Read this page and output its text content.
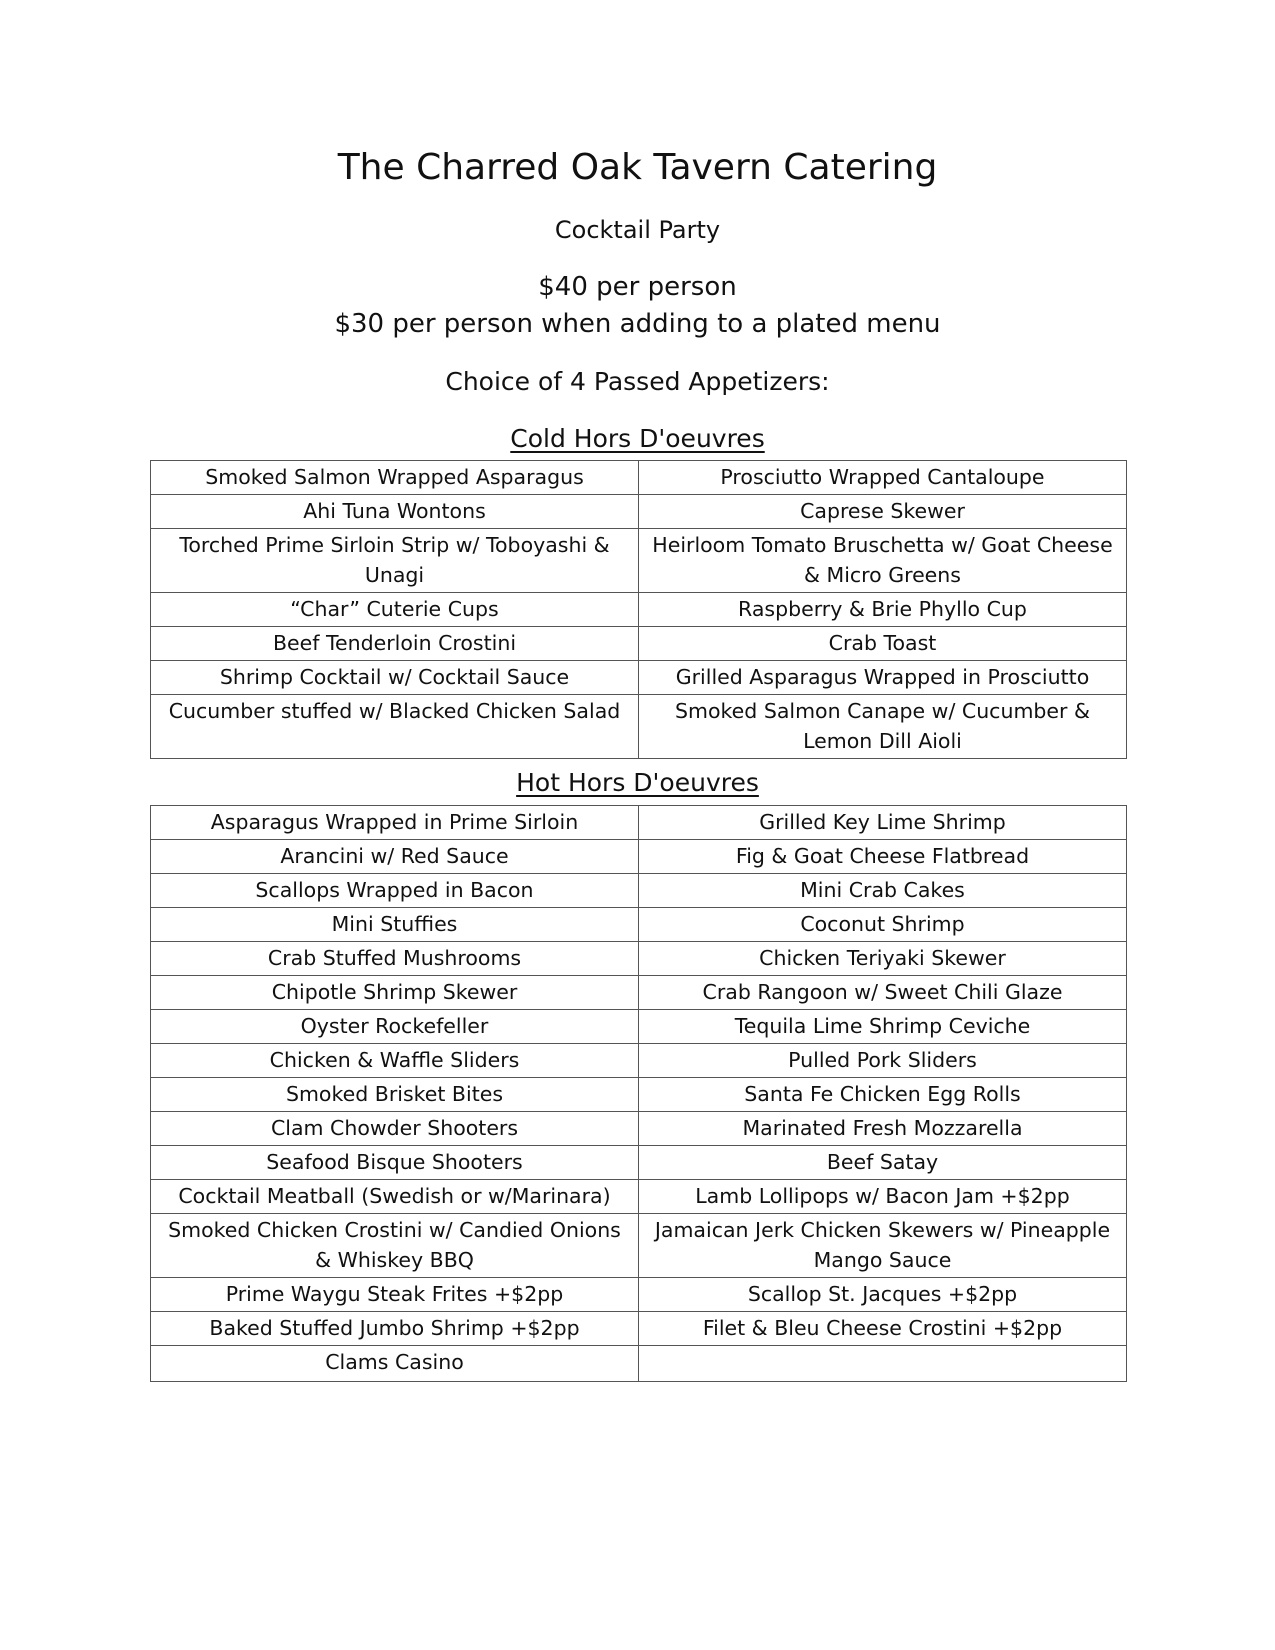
The Charred Oak Tavern Catering
Cocktail Party
$40 per person
$30 per person when adding to a plated menu
Choice of 4 Passed Appetizers:
Cold Hors D'oeuvres
Smoked Salmon Wrapped Asparagus	Prosciutto Wrapped Cantaloupe
Ahi Tuna Wontons	Caprese Skewer
Torched Prime Sirloin Strip w/ Toboyashi & Unagi	Heirloom Tomato Bruschetta w/ Goat Cheese & Micro Greens
“Char” Cuterie Cups	Raspberry & Brie Phyllo Cup
Beef Tenderloin Crostini	Crab Toast
Shrimp Cocktail w/ Cocktail Sauce	Grilled Asparagus Wrapped in Prosciutto
Cucumber stuffed w/ Blacked Chicken Salad	Smoked Salmon Canape w/ Cucumber & Lemon Dill Aioli
Hot Hors D'oeuvres
Asparagus Wrapped in Prime Sirloin	Grilled Key Lime Shrimp
Arancini w/ Red Sauce	Fig & Goat Cheese Flatbread
Scallops Wrapped in Bacon	Mini Crab Cakes
Mini Stuffies	Coconut Shrimp
Crab Stuffed Mushrooms	Chicken Teriyaki Skewer
Chipotle Shrimp Skewer	Crab Rangoon w/ Sweet Chili Glaze
Oyster Rockefeller	Tequila Lime Shrimp Ceviche
Chicken & Waffle Sliders	Pulled Pork Sliders
Smoked Brisket Bites	Santa Fe Chicken Egg Rolls
Clam Chowder Shooters	Marinated Fresh Mozzarella
Seafood Bisque Shooters	Beef Satay
Cocktail Meatball (Swedish or w/Marinara)	Lamb Lollipops w/ Bacon Jam +$2pp
Smoked Chicken Crostini w/ Candied Onions & Whiskey BBQ	Jamaican Jerk Chicken Skewers w/ Pineapple Mango Sauce
Prime Waygu Steak Frites +$2pp	Scallop St. Jacques +$2pp
Baked Stuffed Jumbo Shrimp +$2pp	Filet & Bleu Cheese Crostini +$2pp
Clams Casino	
